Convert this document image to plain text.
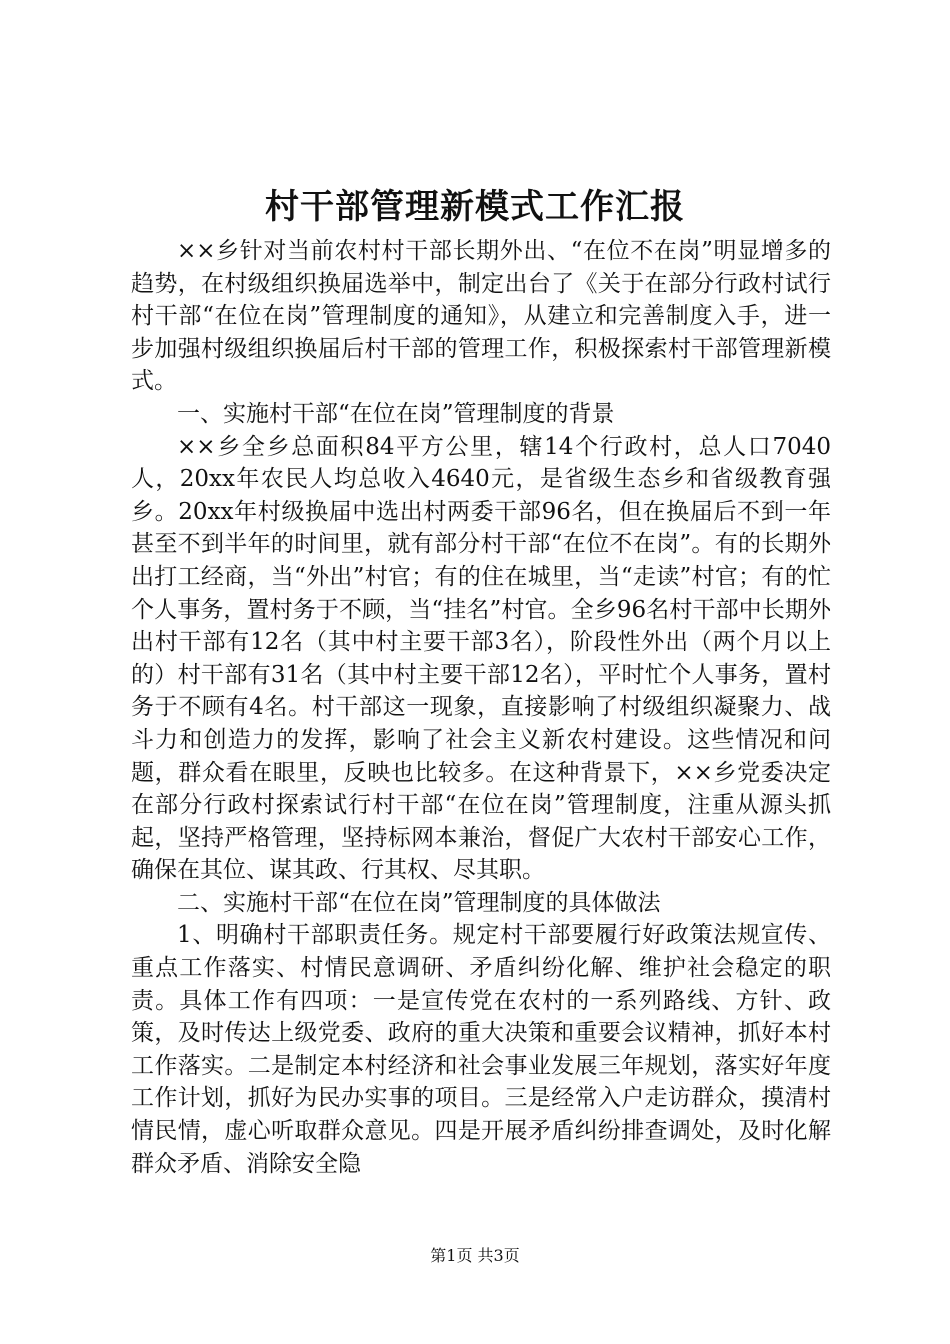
村干部管理新模式工作汇报

××乡针对当前农村村干部长期外出、“在位不在岗”明显增多的趋势，在村级组织换届选举中，制定出台了《关于在部分行政村试行村干部“在位在岗”管理制度的通知》，从建立和完善制度入手，进一步加强村级组织换届后村干部的管理工作，积极探索村干部管理新模式。

一、实施村干部“在位在岗”管理制度的背景

××乡全乡总面积84平方公里，辖14个行政村，总人口7040人，20xx年农民人均总收入4640元，是省级生态乡和省级教育强乡。20xx年村级换届中选出村两委干部96名，但在换届后不到一年甚至不到半年的时间里，就有部分村干部“在位不在岗”。有的长期外出打工经商，当“外出”村官；有的住在城里，当“走读”村官；有的忙个人事务，置村务于不顾，当“挂名”村官。全乡96名村干部中长期外出村干部有12名（其中村主要干部3名），阶段性外出（两个月以上的）村干部有31名（其中村主要干部12名），平时忙个人事务，置村务于不顾有4名。村干部这一现象，直接影响了村级组织凝聚力、战斗力和创造力的发挥，影响了社会主义新农村建设。这些情况和问题，群众看在眼里，反映也比较多。在这种背景下，××乡党委决定在部分行政村探索试行村干部“在位在岗”管理制度，注重从源头抓起，坚持严格管理，坚持标网本兼治，督促广大农村干部安心工作，确保在其位、谋其政、行其权、尽其职。

二、实施村干部“在位在岗”管理制度的具体做法

1、明确村干部职责任务。规定村干部要履行好政策法规宣传、重点工作落实、村情民意调研、矛盾纠纷化解、维护社会稳定的职责。具体工作有四项：一是宣传党在农村的一系列路线、方针、政策，及时传达上级党委、政府的重大决策和重要会议精神，抓好本村工作落实。二是制定本村经济和社会事业发展三年规划，落实好年度工作计划，抓好为民办实事的项目。三是经常入户走访群众，摸清村情民情，虚心听取群众意见。四是开展矛盾纠纷排查调处，及时化解群众矛盾、消除安全隐

第1页 共3页
